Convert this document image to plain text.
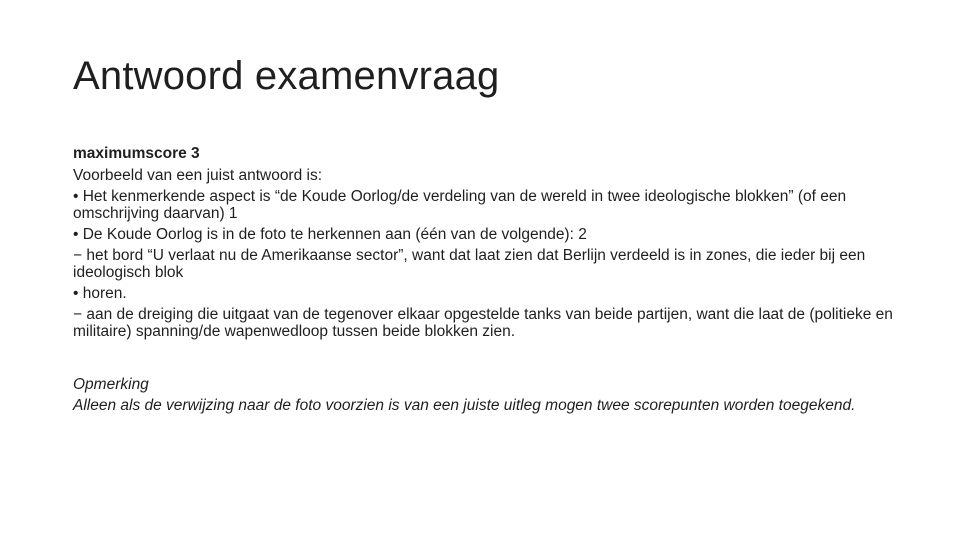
Antwoord examenvraag

maximumscore 3

Voorbeeld van een juist antwoord is:

• Het kenmerkende aspect is “de Koude Oorlog/de verdeling van de wereld in twee ideologische blokken” (of een omschrijving daarvan) 1

• De Koude Oorlog is in de foto te herkennen aan (één van de volgende): 2

− het bord “U verlaat nu de Amerikaanse sector”, want dat laat zien dat Berlijn verdeeld is in zones, die ieder bij een ideologisch blok

• horen.

− aan de dreiging die uitgaat van de tegenover elkaar opgestelde tanks van beide partijen, want die laat de (politieke en militaire) spanning/de wapenwedloop tussen beide blokken zien.

Opmerking

Alleen als de verwijzing naar de foto voorzien is van een juiste uitleg mogen twee scorepunten worden toegekend.
